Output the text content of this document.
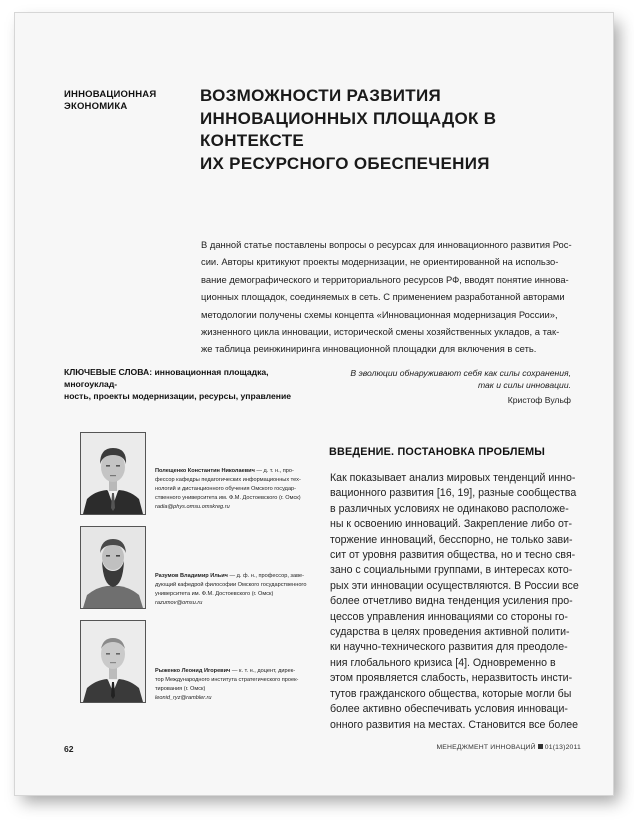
ИННОВАЦИОННАЯ
ЭКОНОМИКА
ВОЗМОЖНОСТИ РАЗВИТИЯ
ИННОВАЦИОННЫХ ПЛОЩАДОК В КОНТЕКСТЕ
ИХ РЕСУРСНОГО ОБЕСПЕЧЕНИЯ
В данной статье поставлены вопросы о ресурсах для инновационного развития Рос-
сии. Авторы критикуют проекты модернизации, не ориентированной на использо-
вание демографического и территориального ресурсов РФ, вводят понятие иннова-
ционных площадок, соединяемых в сеть. С применением разработанной авторами
методологии получены схемы концепта «Инновационная модернизация России»,
жизненного цикла инновации, исторической смены хозяйственных укладов, а так-
же таблица реинжиниринга инновационной площадки для включения в сеть.
КЛЮЧЕВЫЕ СЛОВА: инновационная площадка, многоуклад-
ность, проекты модернизации, ресурсы, управление
В эволюции обнаруживают себя как силы сохранения,
так и силы инновации.
Кристоф Вульф
Полещенко Константин Николаевич — д. т. н., про-
фессор кафедры педагогических информационных тех-
нологий и дистанционного обучения Омского государ-
ственного университета им. Ф.М. Достоевского (г. Омск)
radia@phys.omsu.omskreg.ru
Разумов Владимир Ильич — д. ф. н., профессор, заве-
дующий кафедрой философии Омского государственного
университета им. Ф.М. Достоевского (г. Омск)
razumov@omsu.ru
Рыженко Леонид Игоревич — к. т. н., доцент, дирек-
тор Международного института стратегического проек-
тирования (г. Омск)
leonid_ryz@rambler.ru
ВВЕДЕНИЕ. ПОСТАНОВКА ПРОБЛЕМЫ
Как показывает анализ мировых тенденций инно-
вационного развития [16, 19], разные сообщества
в различных условиях не одинаково расположе-
ны к освоению инноваций. Закрепление либо от-
торжение инноваций, бесспорно, не только зави-
сит от уровня развития общества, но и тесно свя-
зано с социальными группами, в интересах кото-
рых эти инновации осуществляются. В России все
более отчетливо видна тенденция усиления про-
цессов управления инновациями со стороны го-
сударства в целях проведения активной полити-
ки научно-технического развития для преодоле-
ния глобального кризиса [4]. Одновременно в
этом проявляется слабость, неразвитость инсти-
тутов гражданского общества, которые могли бы
более активно обеспечивать условия инноваци-
онного развития на местах. Становится все более
62	МЕНЕДЖМЕНТ ИННОВАЦИЙ 01(13)2011
